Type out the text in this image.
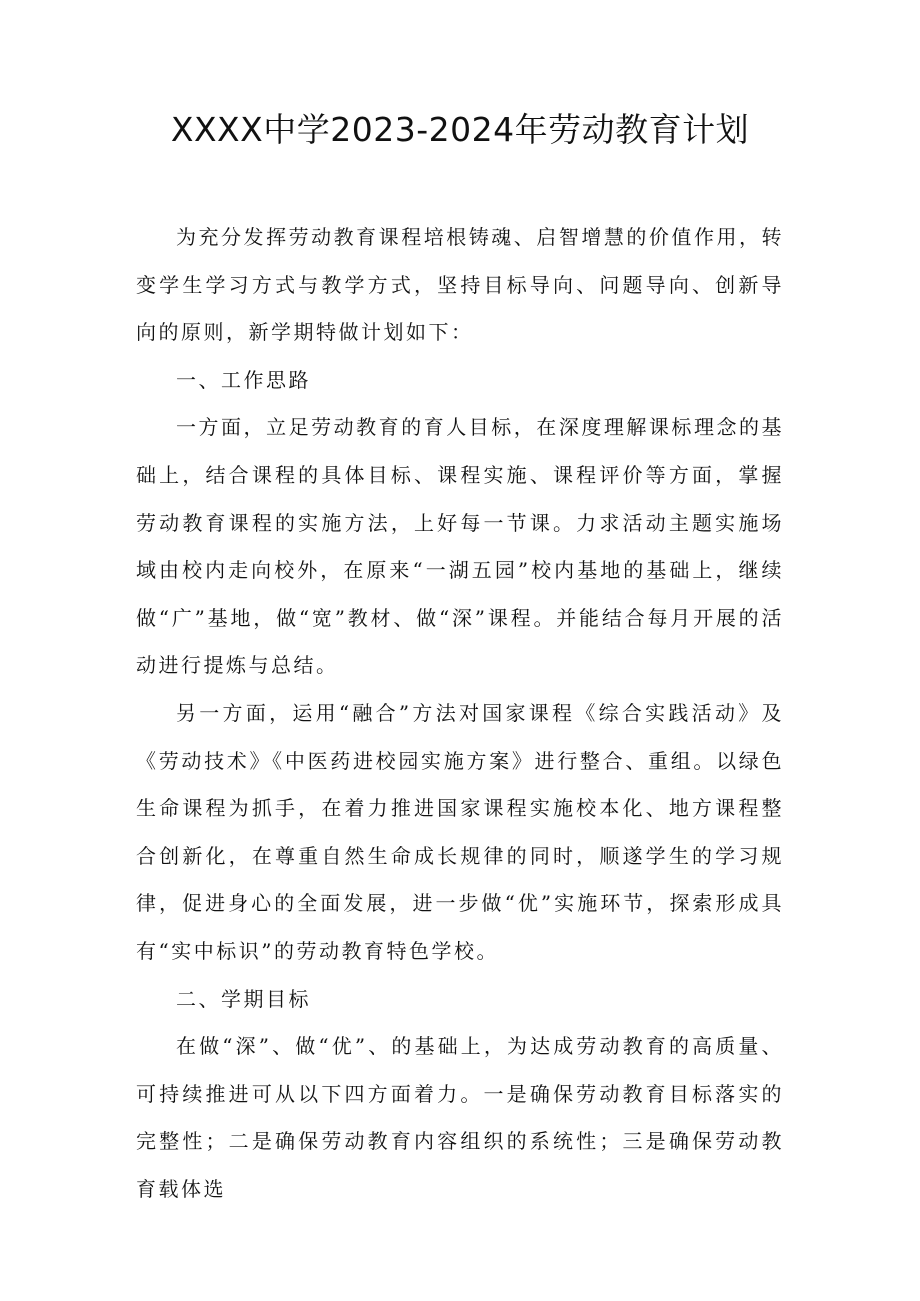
XXXX中学2023-2024年劳动教育计划

为充分发挥劳动教育课程培根铸魂、启智增慧的价值作用，转变学生学习方式与教学方式，坚持目标导向、问题导向、创新导向的原则，新学期特做计划如下：

一、工作思路

一方面，立足劳动教育的育人目标，在深度理解课标理念的基础上，结合课程的具体目标、课程实施、课程评价等方面，掌握劳动教育课程的实施方法，上好每一节课。力求活动主题实施场域由校内走向校外，在原来“一湖五园”校内基地的基础上，继续做“广”基地，做“宽”教材、做“深”课程。并能结合每月开展的活动进行提炼与总结。

另一方面，运用“融合”方法对国家课程《综合实践活动》及《劳动技术》《中医药进校园实施方案》进行整合、重组。以绿色生命课程为抓手，在着力推进国家课程实施校本化、地方课程整合创新化，在尊重自然生命成长规律的同时，顺遂学生的学习规律，促进身心的全面发展，进一步做“优”实施环节，探索形成具有“实中标识”的劳动教育特色学校。

二、学期目标

在做“深”、做“优”、的基础上，为达成劳动教育的高质量、可持续推进可从以下四方面着力。一是确保劳动教育目标落实的完整性；二是确保劳动教育内容组织的系统性；三是确保劳动教育载体选
